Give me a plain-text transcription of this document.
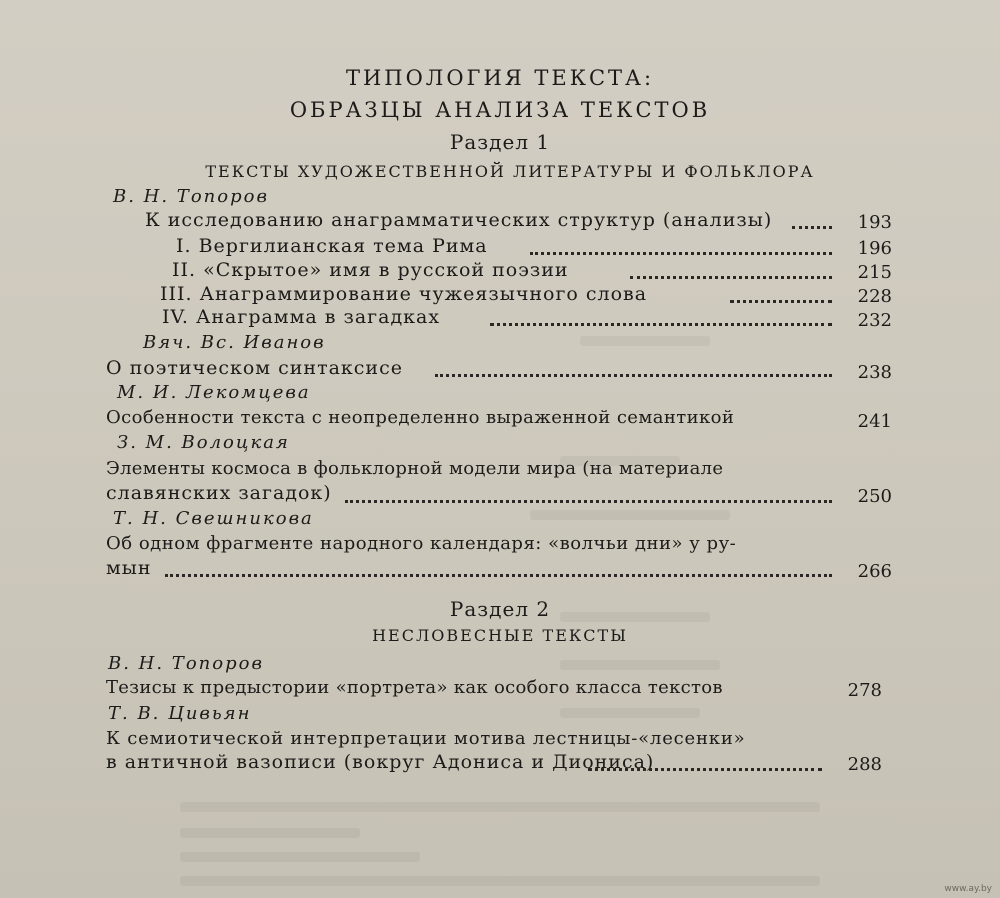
ТИПОЛОГИЯ ТЕКСТА:
ОБРАЗЦЫ АНАЛИЗА ТЕКСТОВ
Раздел 1
ТЕКСТЫ ХУДОЖЕСТВЕННОЙ ЛИТЕРАТУРЫ И ФОЛЬКЛОРА
В. Н. Топоров
К исследованию анаграмматических структур (анализы)	193
I. Вергилианская тема Рима	196
II. «Скрытое» имя в русской поэзии	215
III. Анаграммирование чужеязычного слова	228
IV. Анаграмма в загадках	232
Вяч. Вс. Иванов
О поэтическом синтаксисе	238
М. И. Лекомцева
Особенности текста с неопределенно выраженной семантикой	241
З. М. Волоцкая
Элементы космоса в фольклорной модели мира (на материале
славянских загадок)	250
Т. Н. Свешникова
Об одном фрагменте народного календаря: «волчьи дни» у ру-
мын	266
Раздел 2
НЕСЛОВЕСНЫЕ ТЕКСТЫ
В. Н. Топоров
Тезисы к предыстории «портрета» как особого класса текстов	278
Т. В. Цивьян
К семиотической интерпретации мотива лестницы-«лесенки»
в античной вазописи (вокруг Адониса и Диониса)	288
www.ay.by
